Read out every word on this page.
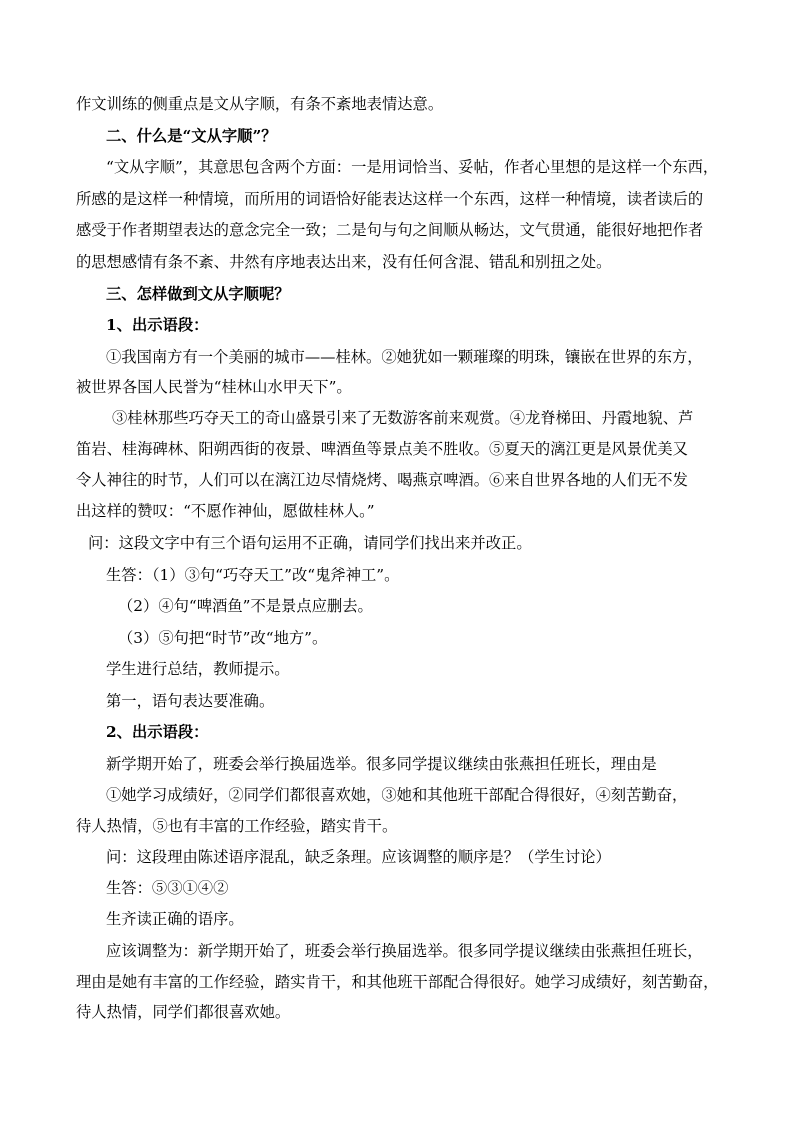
作文训练的侧重点是文从字顺，有条不紊地表情达意。
二、什么是“文从字顺”？
“文从字顺”，其意思包含两个方面：一是用词恰当、妥帖，作者心里想的是这样一个东西，
所感的是这样一种情境，而所用的词语恰好能表达这样一个东西，这样一种情境，读者读后的
感受于作者期望表达的意念完全一致；二是句与句之间顺从畅达，文气贯通，能很好地把作者
的思想感情有条不紊、井然有序地表达出来，没有任何含混、错乱和别扭之处。
三、怎样做到文从字顺呢？
1、出示语段：
①我国南方有一个美丽的城市——桂林。②她犹如一颗璀璨的明珠，镶嵌在世界的东方，
被世界各国人民誉为“桂林山水甲天下”。
③桂林那些巧夺天工的奇山盛景引来了无数游客前来观赏。④龙脊梯田、丹霞地貌、芦
笛岩、桂海碑林、阳朔西街的夜景、啤酒鱼等景点美不胜收。⑤夏天的漓江更是风景优美又
令人神往的时节，人们可以在漓江边尽情烧烤、喝燕京啤酒。⑥来自世界各地的人们无不发
出这样的赞叹：“不愿作神仙，愿做桂林人。”
问：这段文字中有三个语句运用不正确，请同学们找出来并改正。
生答：（1）③句“巧夺天工”改“鬼斧神工”。
（2）④句“啤酒鱼”不是景点应删去。
（3）⑤句把“时节”改“地方”。
学生进行总结，教师提示。
第一，语句表达要准确。
2、出示语段：
新学期开始了，班委会举行换届选举。很多同学提议继续由张燕担任班长，理由是
①她学习成绩好，②同学们都很喜欢她，③她和其他班干部配合得很好，④刻苦勤奋，
待人热情，⑤也有丰富的工作经验，踏实肯干。
问：这段理由陈述语序混乱，缺乏条理。应该调整的顺序是？（学生讨论）
生答：⑤③①④②
生齐读正确的语序。
应该调整为：新学期开始了，班委会举行换届选举。很多同学提议继续由张燕担任班长，
理由是她有丰富的工作经验，踏实肯干，和其他班干部配合得很好。她学习成绩好，刻苦勤奋，
待人热情，同学们都很喜欢她。
